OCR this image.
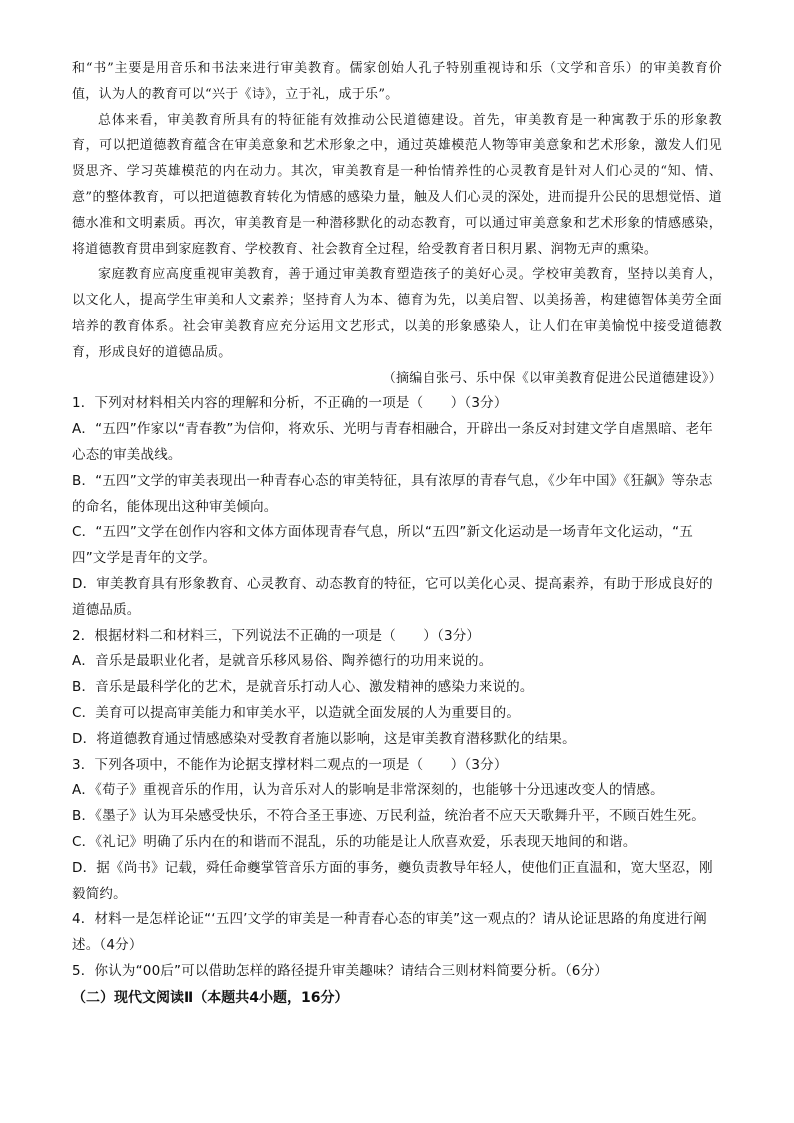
和“书”主要是用音乐和书法来进行审美教育。儒家创始人孔子特别重视诗和乐（文学和音乐）的审美教育价值，认为人的教育可以“兴于《诗》，立于礼，成于乐”。

总体来看，审美教育所具有的特征能有效推动公民道德建设。首先，审美教育是一种寓教于乐的形象教育，可以把道德教育蕴含在审美意象和艺术形象之中，通过英雄模范人物等审美意象和艺术形象，激发人们见贤思齐、学习英雄模范的内在动力。其次，审美教育是一种怡情养性的心灵教育是针对人们心灵的“知、情、意”的整体教育，可以把道德教育转化为情感的感染力量，触及人们心灵的深处，进而提升公民的思想觉悟、道德水准和文明素质。再次，审美教育是一种潜移默化的动态教育，可以通过审美意象和艺术形象的情感感染，将道德教育贯串到家庭教育、学校教育、社会教育全过程，给受教育者日积月累、润物无声的熏染。

家庭教育应高度重视审美教育，善于通过审美教育塑造孩子的美好心灵。学校审美教育，坚持以美育人，以文化人，提高学生审美和人文素养；坚持育人为本、德育为先，以美启智、以美扬善，构建德智体美劳全面培养的教育体系。社会审美教育应充分运用文艺形式，以美的形象感染人，让人们在审美愉悦中接受道德教育，形成良好的道德品质。

（摘编自张弓、乐中保《以审美教育促进公民道德建设》）

1．下列对材料相关内容的理解和分析，不正确的一项是（　　）（3分）

A．“五四”作家以“青春教”为信仰，将欢乐、光明与青春相融合，开辟出一条反对封建文学自虐黑暗、老年心态的审美战线。

B．“五四”文学的审美表现出一种青春心态的审美特征，具有浓厚的青春气息，《少年中国》《狂飙》等杂志的命名，能体现出这种审美倾向。

C．“五四”文学在创作内容和文体方面体现青春气息，所以“五四”新文化运动是一场青年文化运动，“五四”文学是青年的文学。

D．审美教育具有形象教育、心灵教育、动态教育的特征，它可以美化心灵、提高素养，有助于形成良好的道德品质。

2．根据材料二和材料三，下列说法不正确的一项是（　　）（3分）

A．音乐是最职业化者，是就音乐移风易俗、陶养德行的功用来说的。

B．音乐是最科学化的艺术，是就音乐打动人心、激发精神的感染力来说的。

C．美育可以提高审美能力和审美水平，以造就全面发展的人为重要目的。

D．将道德教育通过情感感染对受教育者施以影响，这是审美教育潜移默化的结果。

3．下列各项中，不能作为论据支撑材料二观点的一项是（　　）（3分）

A．《荀子》重视音乐的作用，认为音乐对人的影响是非常深刻的，也能够十分迅速改变人的情感。

B．《墨子》认为耳朵感受快乐，不符合圣王事迹、万民利益，统治者不应天天歌舞升平，不顾百姓生死。

C．《礼记》明确了乐内在的和谐而不混乱，乐的功能是让人欣喜欢爱，乐表现天地间的和谐。

D．据《尚书》记载，舜任命夔掌管音乐方面的事务，夔负责教导年轻人，使他们正直温和，宽大坚忍，刚毅简约。

4．材料一是怎样论证“‘五四’文学的审美是一种青春心态的审美”这一观点的？请从论证思路的角度进行阐述。（4分）

5．你认为“00后”可以借助怎样的路径提升审美趣味？请结合三则材料简要分析。（6分）

（二）现代文阅读Ⅱ（本题共4小题，16分）
